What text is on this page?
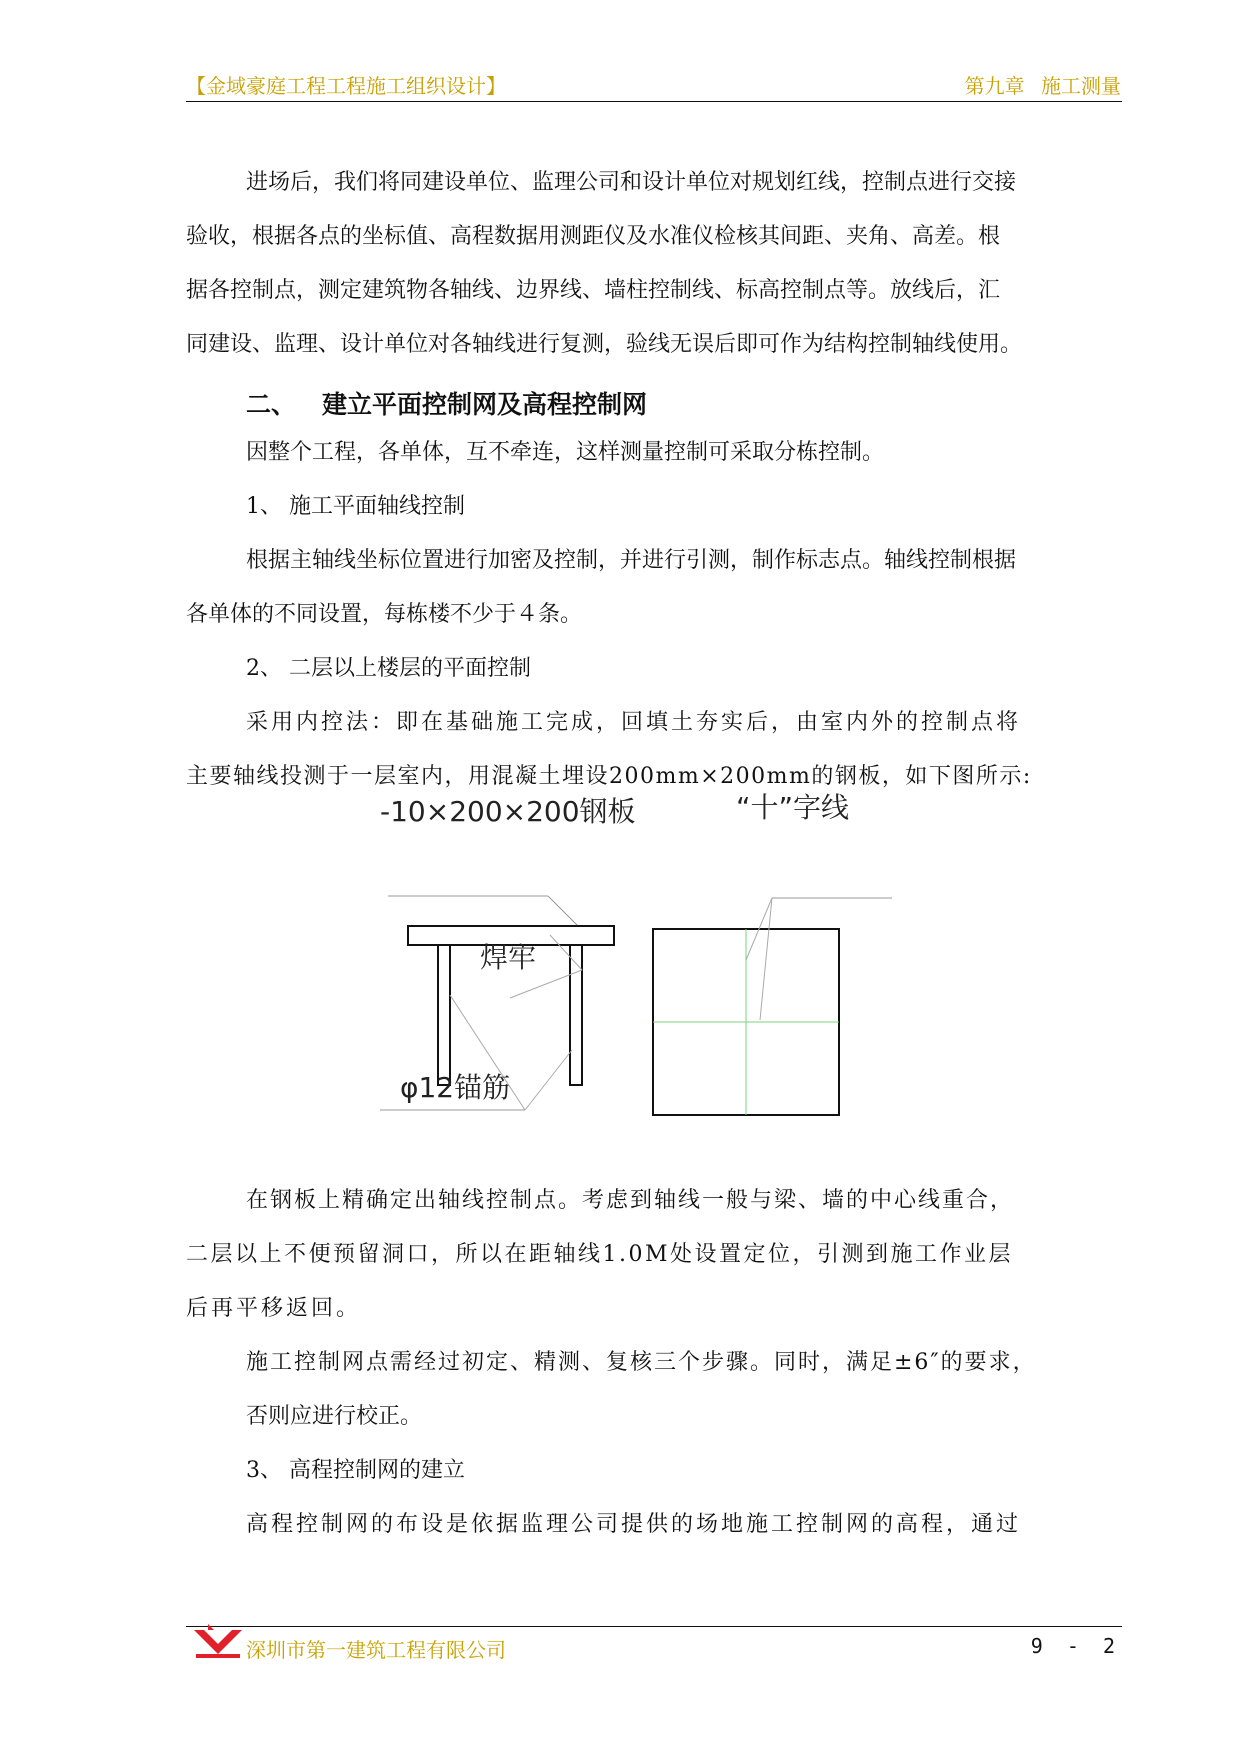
【金域豪庭工程工程施工组织设计】	第九章 施工测量
进场后，我们将同建设单位、监理公司和设计单位对规划红线，控制点进行交接
验收，根据各点的坐标值、高程数据用测距仪及水准仪检核其间距、夹角、高差。根
据各控制点，测定建筑物各轴线、边界线、墙柱控制线、标高控制点等。放线后，汇
同建设、监理、设计单位对各轴线进行复测，验线无误后即可作为结构控制轴线使用。
二、 建立平面控制网及高程控制网
因整个工程，各单体，互不牵连，这样测量控制可采取分栋控制。
1、 施工平面轴线控制
根据主轴线坐标位置进行加密及控制，并进行引测，制作标志点。轴线控制根据
各单体的不同设置，每栋楼不少于４条。
2、 二层以上楼层的平面控制
采用内控法：即在基础施工完成，回填土夯实后，由室内外的控制点将
主要轴线投测于一层室内，用混凝土埋设200mm×200mm的钢板，如下图所示:
-10×200×200钢板	“十”字线
焊牢
φ12锚筋
在钢板上精确定出轴线控制点。考虑到轴线一般与梁、墙的中心线重合，
二层以上不便预留洞口，所以在距轴线1.0M处设置定位，引测到施工作业层
后再平移返回。
施工控制网点需经过初定、精测、复核三个步骤。同时，满足±6″的要求，
否则应进行校正。
3、 高程控制网的建立
高程控制网的布设是依据监理公司提供的场地施工控制网的高程，通过
深圳市第一建筑工程有限公司	9 - 2
